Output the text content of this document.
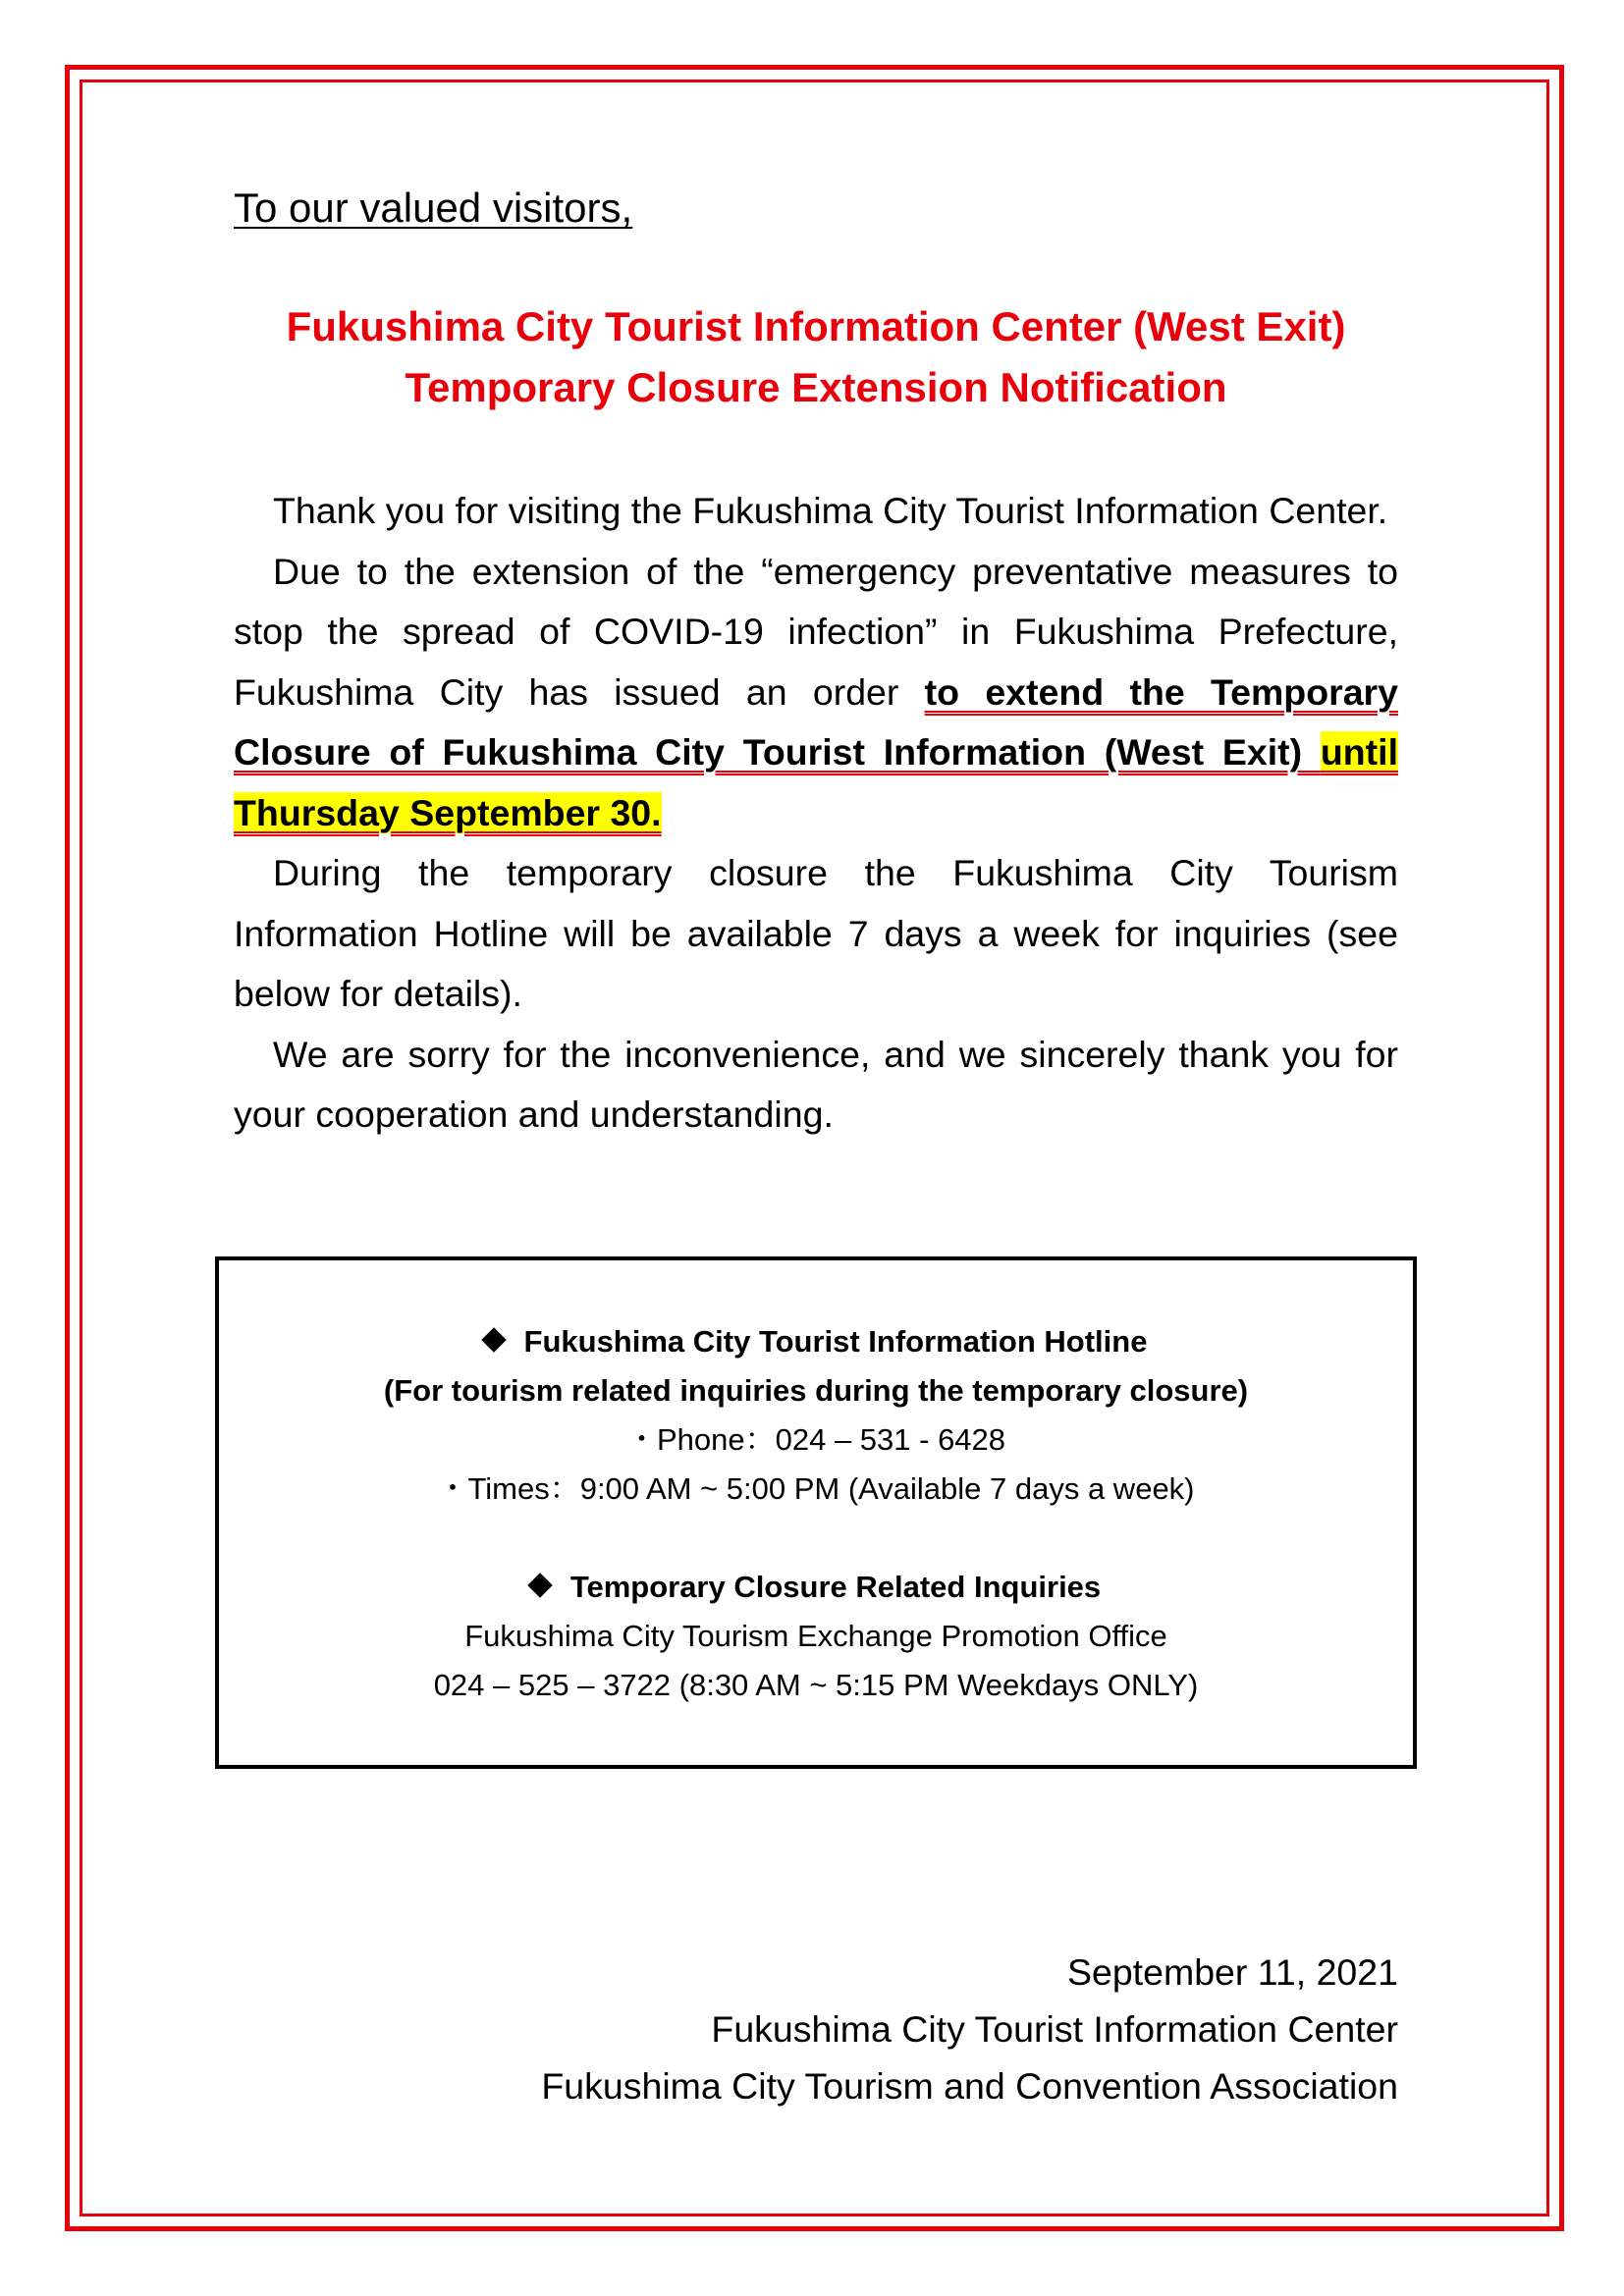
To our valued visitors,
Fukushima City Tourist Information Center (West Exit)
Temporary Closure Extension Notification

Thank you for visiting the Fukushima City Tourist Information Center.

Due to the extension of the “emergency preventative measures to stop the spread of COVID-19 infection” in Fukushima Prefecture, Fukushima City has issued an order to extend the Temporary Closure of Fukushima City Tourist Information (West Exit) until Thursday September 30.

During the temporary closure the Fukushima City Tourism Information Hotline will be available 7 days a week for inquiries (see below for details).

We are sorry for the inconvenience, and we sincerely thank you for your cooperation and understanding.

Fukushima City Tourist Information Hotline
(For tourism related inquiries during the temporary closure)
・Phone：024 – 531 - 6428
・Times：9:00 AM ~ 5:00 PM (Available 7 days a week)
Temporary Closure Related Inquiries
Fukushima City Tourism Exchange Promotion Office
024 – 525 – 3722 (8:30 AM ~ 5:15 PM Weekdays ONLY)
September 11, 2021
Fukushima City Tourist Information Center
Fukushima City Tourism and Convention Association
